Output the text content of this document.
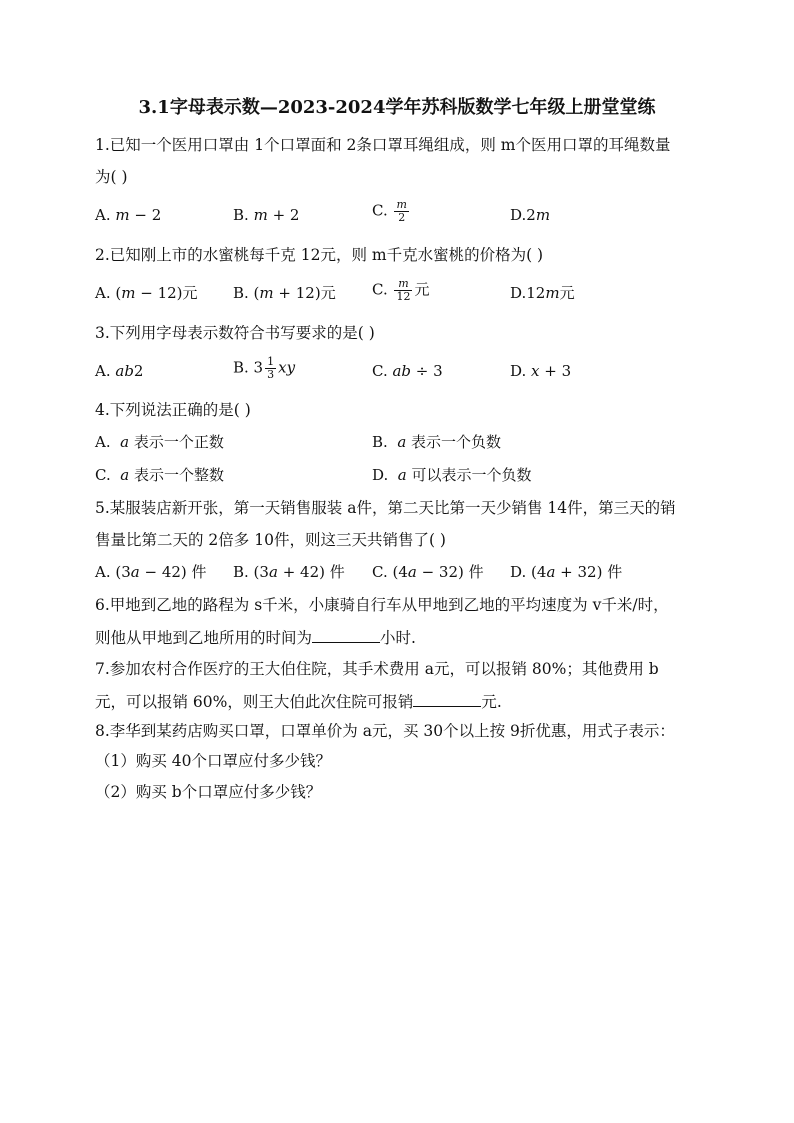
3.1字母表示数—2023-2024学年苏科版数学七年级上册堂堂练
1.已知一个医用口罩由 1个口罩面和 2条口罩耳绳组成，则 m个医用口罩的耳绳数量
为( )
A. m − 2	B. m + 2	C. $\frac{m}{2}$	D.2m
2.已知刚上市的水蜜桃每千克 12元，则 m千克水蜜桃的价格为( )
A. (m − 12)元 B. (m + 12)元 C. $\frac{m}{12}$ 元	D.12m元
3.下列用字母表示数符合书写要求的是( )
A. ab2	B. $3 \frac{1}{3}$ xy	C. ab ÷ 3	D. x + 3
4.下列说法正确的是( )
A.  a 表示一个正数	B.  a 表示一个负数
C.  a 表示一个整数	D.  a 可以表示一个负数
5.某服装店新开张，第一天销售服装 a件，第二天比第一天少销售 14件，第三天的销
售量比第二天的 2倍多 10件，则这三天共销售了( )
A. (3a − 42) 件 B. (3a + 42) 件 C. (4a − 32) 件 D. (4a + 32) 件
6.甲地到乙地的路程为 s千米，小康骑自行车从甲地到乙地的平均速度为 v千米/时，
则他从甲地到乙地所用的时间为	小时.
7.参加农村合作医疗的王大伯住院，其手术费用 a元，可以报销 80%；其他费用 b
元，可以报销 60%，则王大伯此次住院可报销	元.
8.李华到某药店购买口罩，口罩单价为 a元，买 30个以上按 9折优惠，用式子表示：
（1）购买 40个口罩应付多少钱？
（2）购买 b个口罩应付多少钱？
